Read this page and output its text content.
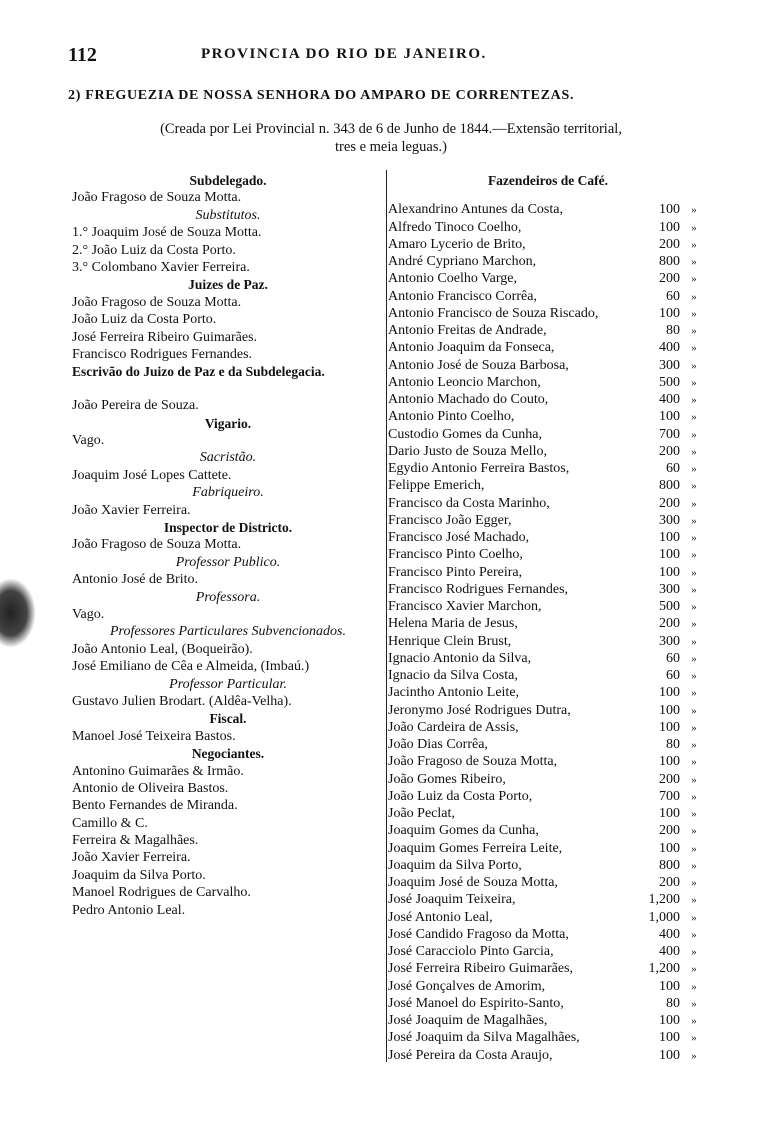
112	PROVINCIA DO RIO DE JANEIRO.
2) FREGUEZIA DE NOSSA SENHORA DO AMPARO DE CORRENTEZAS.
(Creada por Lei Provincial n. 343 de 6 de Junho de 1844.—Extensão territorial,
tres e meia leguas.)
Subdelegado.
João Fragoso de Souza Motta.
Substitutos.
1.° Joaquim José de Souza Motta.
2.° João Luiz da Costa Porto.
3.° Colombano Xavier Ferreira.
Juizes de Paz.
João Fragoso de Souza Motta.
João Luiz da Costa Porto.
José Ferreira Ribeiro Guimarães.
Francisco Rodrigues Fernandes.
Escrivão do Juizo de Paz e da Subdelegacia.
João Pereira de Souza.
Vigario.
Vago.
Sacristão.
Joaquim José Lopes Cattete.
Fabriqueiro.
João Xavier Ferreira.
Inspector de Districto.
João Fragoso de Souza Motta.
Professor Publico.
Antonio José de Brito.
Professora.
Vago.
Professores Particulares Subvencionados.
João Antonio Leal, (Boqueirão).
José Emiliano de Cêa e Almeida, (Imbaú.)
Professor Particular.
Gustavo Julien Brodart. (Aldêa-Velha).
Fiscal.
Manoel José Teixeira Bastos.
Negociantes.
Antonino Guimarães & Irmão.
Antonio de Oliveira Bastos.
Bento Fernandes de Miranda.
Camillo & C.
Ferreira & Magalhães.
João Xavier Ferreira.
Joaquim da Silva Porto.
Manoel Rodrigues de Carvalho.
Pedro Antonio Leal.
Fazendeiros de Café.
Alexandrino Antunes da Costa,	100	»
Alfredo Tinoco Coelho,	100	»
Amaro Lycerio de Brito,	200	»
André Cypriano Marchon,	800	»
Antonio Coelho Varge,	200	»
Antonio Francisco Corrêa,	60	»
Antonio Francisco de Souza Riscado,	100	»
Antonio Freitas de Andrade,	80	»
Antonio Joaquim da Fonseca,	400	»
Antonio José de Souza Barbosa,	300	»
Antonio Leoncio Marchon,	500	»
Antonio Machado do Couto,	400	»
Antonio Pinto Coelho,	100	»
Custodio Gomes da Cunha,	700	»
Dario Justo de Souza Mello,	200	»
Egydio Antonio Ferreira Bastos,	60	»
Felippe Emerich,	800	»
Francisco da Costa Marinho,	200	»
Francisco João Egger,	300	»
Francisco José Machado,	100	»
Francisco Pinto Coelho,	100	»
Francisco Pinto Pereira,	100	»
Francisco Rodrigues Fernandes,	300	»
Francisco Xavier Marchon,	500	»
Helena Maria de Jesus,	200	»
Henrique Clein Brust,	300	»
Ignacio Antonio da Silva,	60	»
Ignacio da Silva Costa,	60	»
Jacintho Antonio Leite,	100	»
Jeronymo José Rodrigues Dutra,	100	»
João Cardeira de Assis,	100	»
João Dias Corrêa,	80	»
João Fragoso de Souza Motta,	100	»
João Gomes Ribeiro,	200	»
João Luiz da Costa Porto,	700	»
João Peclat,	100	»
Joaquim Gomes da Cunha,	200	»
Joaquim Gomes Ferreira Leite,	100	»
Joaquim da Silva Porto,	800	»
Joaquim José de Souza Motta,	200	»
José Joaquim Teixeira,	1,200	»
José Antonio Leal,	1,000	»
José Candido Fragoso da Motta,	400	»
José Caracciolo Pinto Garcia,	400	»
José Ferreira Ribeiro Guimarães,	1,200	»
José Gonçalves de Amorim,	100	»
José Manoel do Espirito-Santo,	80	»
José Joaquim de Magalhães,	100	»
José Joaquim da Silva Magalhães,	100	»
José Pereira da Costa Araujo,	100	»
